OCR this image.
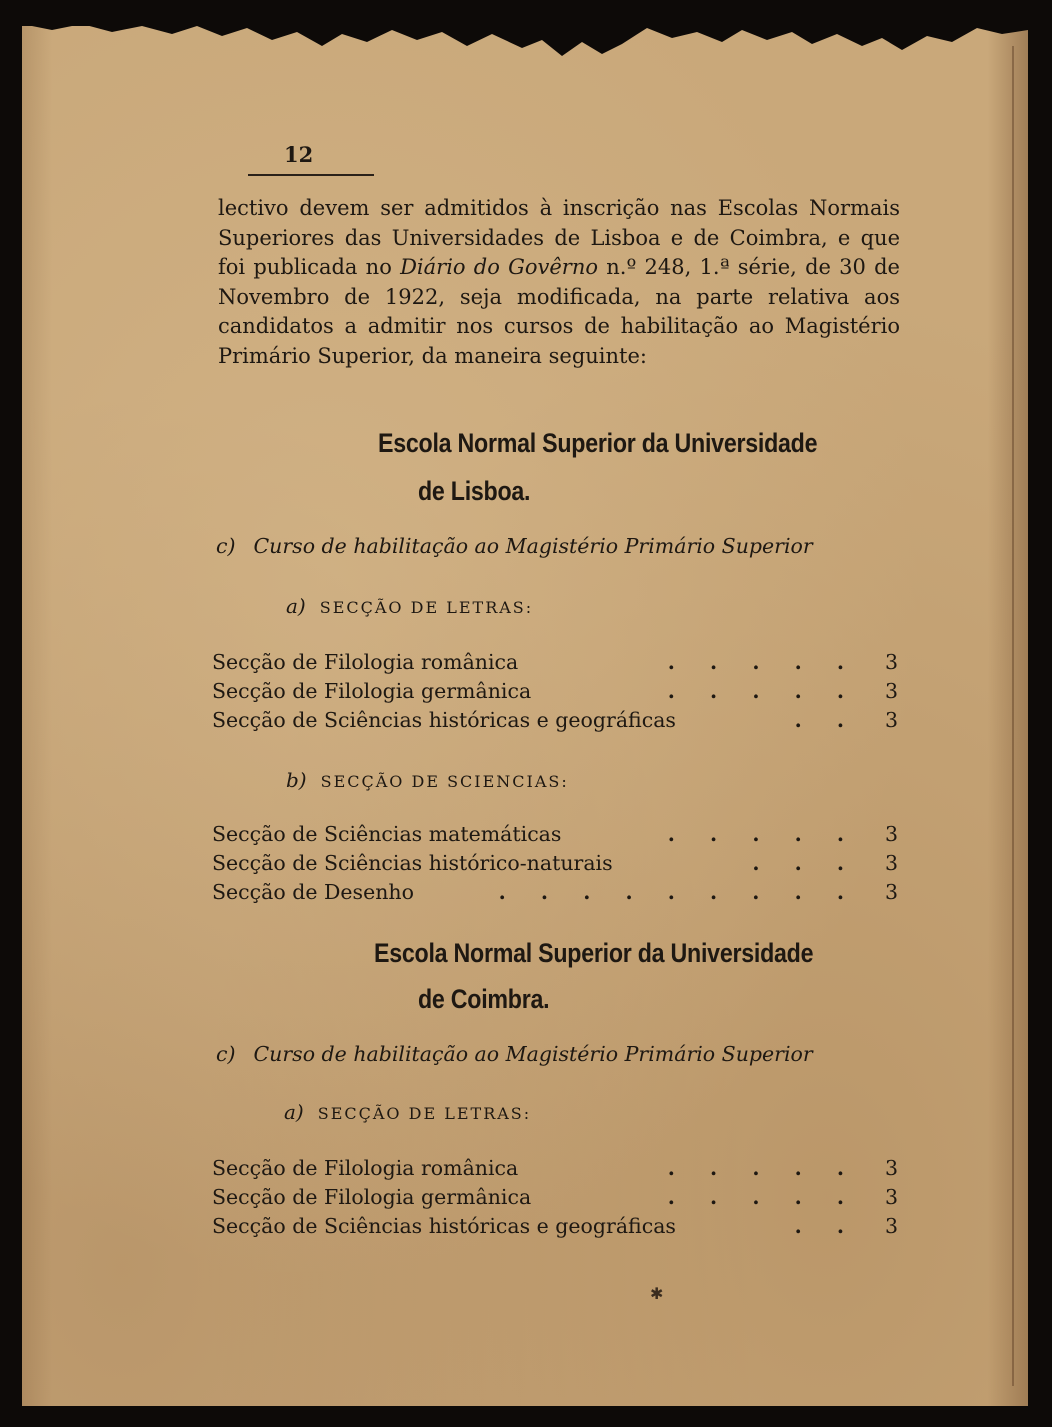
12

lectivo devem ser admitidos à inscrição nas Escolas Normais Superiores das Universidades de Lisboa e de Coimbra, e que foi publicada no Diário do Govêrno n.º 248, 1.ª série, de 30 de Novembro de 1922, seja modificada, na parte relativa aos candidatos a admitir nos cursos de habilitação ao Magistério Primário Superior, da maneira seguinte:

Escola Normal Superior da Universidade
de Lisboa.
c) Curso de habilitação ao Magistério Primário Superior
a) SECÇÃO DE LETRAS:
Secção de Filologia românica	. . . . .	3
Secção de Filologia germânica	. . . . .	3
Secção de Sciências históricas e geográficas	. .	3
b) SECÇÃO DE SCIENCIAS:
Secção de Sciências matemáticas	. . . . .	3
Secção de Sciências histórico-naturais	. . .	3
Secção de Desenho	. . . . . . . . .	3
Escola Normal Superior da Universidade
de Coimbra.
c) Curso de habilitação ao Magistério Primário Superior
a) SECÇÃO DE LETRAS:
Secção de Filologia românica	. . . . .	3
Secção de Filologia germânica	. . . . .	3
Secção de Sciências históricas e geográficas	. .	3
✱
